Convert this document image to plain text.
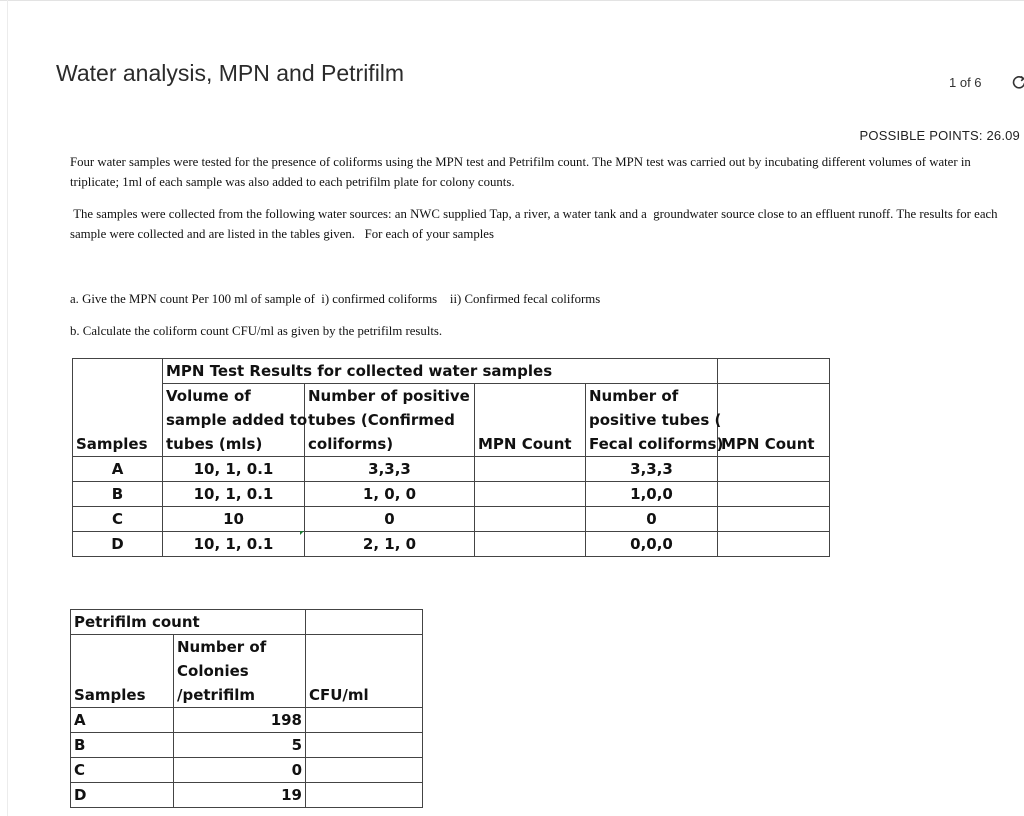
Water analysis, MPN and Petrifilm	1 of 6
POSSIBLE POINTS: 26.09
Four water samples were tested for the presence of coliforms using the MPN test and Petrifilm count. The MPN test was carried out by incubating different volumes of water in triplicate; 1ml of each sample was also added to each petrifilm plate for colony counts.
The samples were collected from the following water sources: an NWC supplied Tap, a river, a water tank and a  groundwater source close to an effluent runoff. The results for each sample were collected and are listed in the tables given.   For each of your samples
a. Give the MPN count Per 100 ml of sample of  i) confirmed coliforms    ii) Confirmed fecal coliforms
b. Calculate the coliform count CFU/ml as given by the petrifilm results.
	MPN Test Results for collected water samples				
	Volume of	Number of positive		Number of	
	sample added to	tubes (Confirmed		positive tubes (	
Samples	tubes (mls)	coliforms)	MPN Count	Fecal coliforms)	MPN Count
A	10, 1, 0.1	3,3,3		3,3,3	
B	10, 1, 0.1	1, 0, 0		1,0,0	
C	10	0		0	
D	10, 1, 0.1	2, 1, 0		0,0,0	
Petrifilm count		
	Number of	
	Colonies	
Samples	/petrifilm	CFU/ml
A	198	
B	5	
C	0	
D	19	
